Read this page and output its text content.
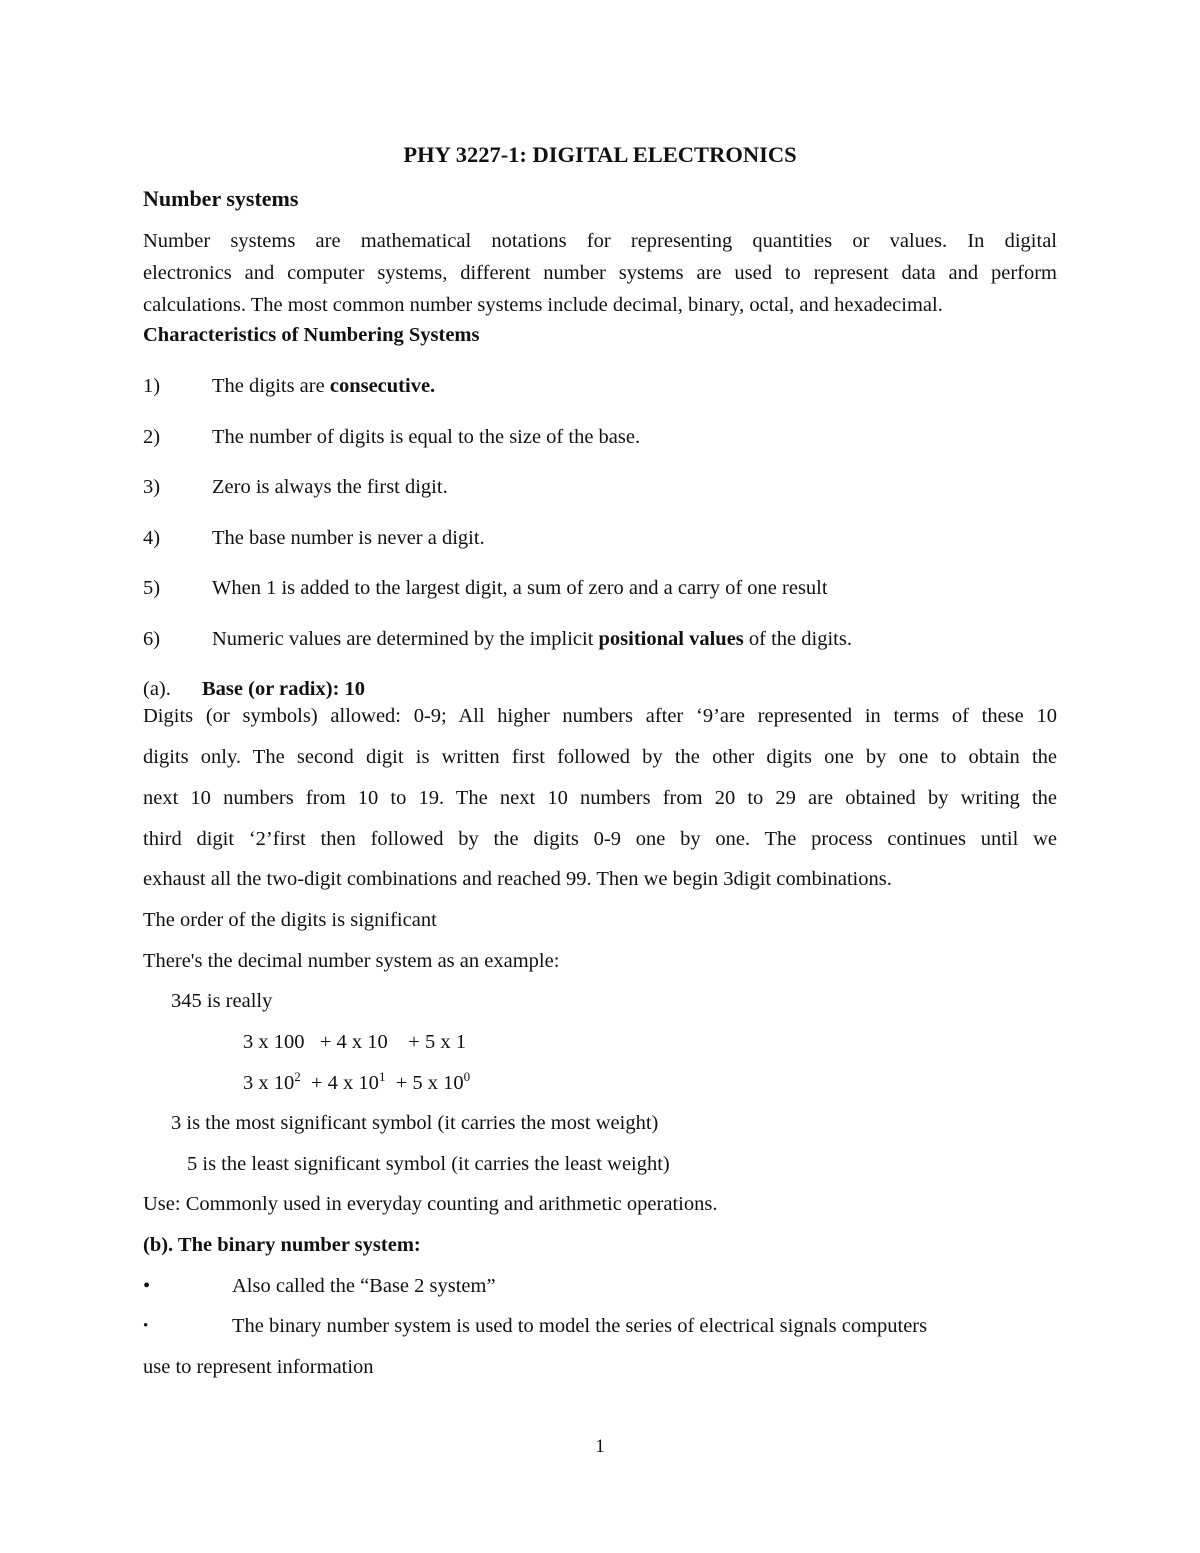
PHY 3227-1: DIGITAL ELECTRONICS
Number systems
Number systems are mathematical notations for representing quantities or values. In digital
electronics and computer systems, different number systems are used to represent data and perform
calculations. The most common number systems include decimal, binary, octal, and hexadecimal.
Characteristics of Numbering Systems
1)	The digits are consecutive.
2)	The number of digits is equal to the size of the base.
3)	Zero is always the first digit.
4)	The base number is never a digit.
5)	When 1 is added to the largest digit, a sum of zero and a carry of one result
6)	Numeric values are determined by the implicit positional values of the digits.
(a). Base (or radix): 10
Digits (or symbols) allowed: 0-9; All higher numbers after ‘9’are represented in terms of these 10
digits only. The second digit is written first followed by the other digits one by one to obtain the
next 10 numbers from 10 to 19. The next 10 numbers from 20 to 29 are obtained by writing the
third digit ‘2’first then followed by the digits 0-9 one by one. The process continues until we
exhaust all the two-digit combinations and reached 99. Then we begin 3digit combinations.
The order of the digits is significant
There's the decimal number system as an example:
345 is really
3 x 100   + 4 x 10    + 5 x 1
3 x $10^2 + 4$ x $10^1 + 5$ x $10^0$
3 is the most significant symbol (it carries the most weight)
5 is the least significant symbol (it carries the least weight)
Use: Commonly used in everyday counting and arithmetic operations.
(b). The binary number system:
•	Also called the “Base 2 system”
•	The binary number system is used to model the series of electrical signals computers
use to represent information
1
